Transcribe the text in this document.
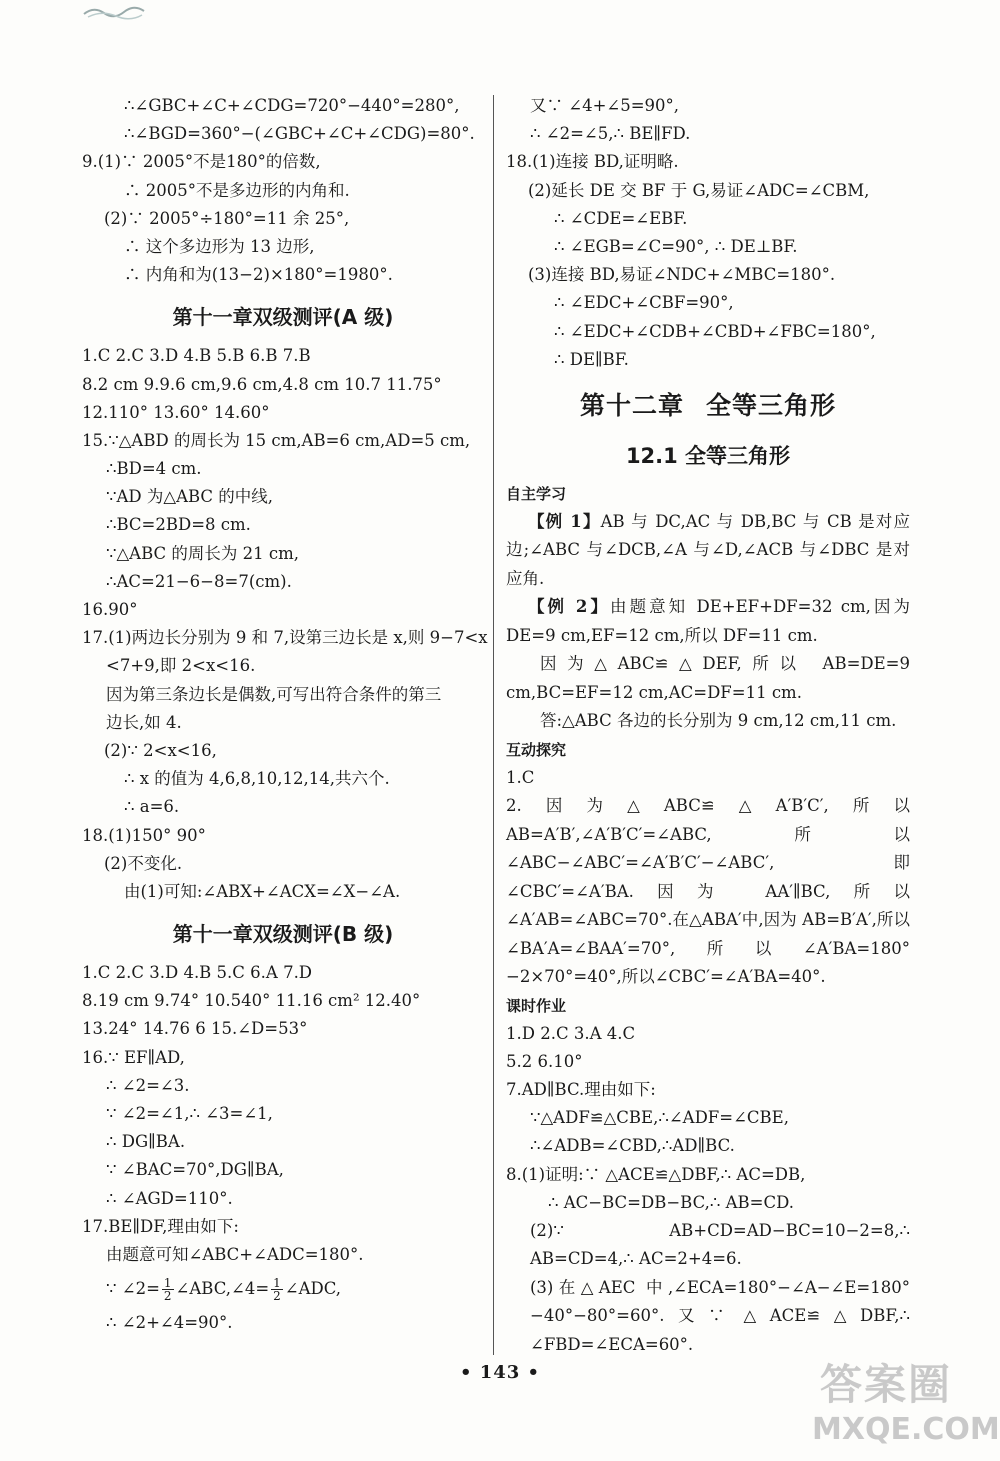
∴∠GBC+∠C+∠CDG=720°−440°=280°,
∴∠BGD=360°−(∠GBC+∠C+∠CDG)=80°.
9.(1)∵ 2005°不是180°的倍数,
∴ 2005°不是多边形的内角和.
(2)∵ 2005°÷180°=11 余 25°,
∴ 这个多边形为 13 边形,
∴ 内角和为(13−2)×180°=1980°.
第十一章双级测评(A 级)
1.C 2.C 3.D 4.B 5.B 6.B 7.B
8.2 cm 9.9.6 cm,9.6 cm,4.8 cm 10.7 11.75°
12.110° 13.60° 14.60°
15.∵△ABD 的周长为 15 cm,AB=6 cm,AD=5 cm,
∴BD=4 cm.
∵AD 为△ABC 的中线,
∴BC=2BD=8 cm.
∵△ABC 的周长为 21 cm,
∴AC=21−6−8=7(cm).
16.90°
17.(1)两边长分别为 9 和 7,设第三边长是 x,则 9−7<x
<7+9,即 2<x<16.
因为第三条边长是偶数,可写出符合条件的第三
边长,如 4.
(2)∵ 2<x<16,
∴ x 的值为 4,6,8,10,12,14,共六个.
∴ a=6.
18.(1)150° 90°
(2)不变化.
由(1)可知:∠ABX+∠ACX=∠X−∠A.
第十一章双级测评(B 级)
1.C 2.C 3.D 4.B 5.C 6.A 7.D
8.19 cm 9.74° 10.540° 11.16 cm² 12.40°
13.24° 14.76 6 15.∠D=53°
16.∵ EF∥AD,
∴ ∠2=∠3.
∵ ∠2=∠1,∴ ∠3=∠1,
∴ DG∥BA.
∵ ∠BAC=70°,DG∥BA,
∴ ∠AGD=110°.
17.BE∥DF,理由如下:
由题意可知∠ABC+∠ADC=180°.
∵ ∠2= $\frac{1}{2}$ ∠ABC,∠4= $\frac{1}{2}$ ∠ADC,
∴ ∠2+∠4=90°.
又∵ ∠4+∠5=90°,
∴ ∠2=∠5,∴ BE∥FD.
18.(1)连接 BD,证明略.
(2)延长 DE 交 BF 于 G,易证∠ADC=∠CBM,
∴ ∠CDE=∠EBF.
∴ ∠EGB=∠C=90°, ∴ DE⊥BF.
(3)连接 BD,易证∠NDC+∠MBC=180°.
∴ ∠EDC+∠CBF=90°,
∴ ∠EDC+∠CDB+∠CBD+∠FBC=180°,
∴ DE∥BF.
第十二章 全等三角形
12.1 全等三角形
自主学习
【例 1】AB 与 DC,AC 与 DB,BC 与 CB 是对应边;∠ABC 与∠DCB,∠A 与∠D,∠ACB 与∠DBC 是对应角.
【例 2】由题意知 DE+EF+DF=32 cm,因为 DE=9 cm,EF=12 cm,所以 DF=11 cm.
因为△ABC≌△DEF,所以 AB=DE=9 cm,BC=EF=12 cm,AC=DF=11 cm.
答:△ABC 各边的长分别为 9 cm,12 cm,11 cm.
互动探究
1.C
2.因为△ABC≌△A′B′C′,所以 AB=A′B′,∠A′B′C′=∠ABC,所以∠ABC−∠ABC′=∠A′B′C′−∠ABC′,即∠CBC′=∠A′BA.因为 AA′∥BC,所以∠A′AB=∠ABC=70°.在△ABA′中,因为 AB=B′A′,所以∠BA′A=∠BAA′=70°,所以∠A′BA=180°−2×70°=40°,所以∠CBC′=∠A′BA=40°.
课时作业
1.D 2.C 3.A 4.C
5.2 6.10°
7.AD∥BC.理由如下:
∵△ADF≌△CBE,∴∠ADF=∠CBE,
∴∠ADB=∠CBD,∴AD∥BC.
8.(1)证明:∵ △ACE≌△DBF,∴ AC=DB,
∴ AC−BC=DB−BC,∴ AB=CD.
(2)∵ AB+CD=AD−BC=10−2=8,∴ AB=CD=4,∴ AC=2+4=6.
(3)在△AEC 中,∠ECA=180°−∠A−∠E=180°−40°−80°=60°.又∵ △ACE≌△DBF,∴ ∠FBD=∠ECA=60°.
• 143 •	答案圈
MXQE.COM
